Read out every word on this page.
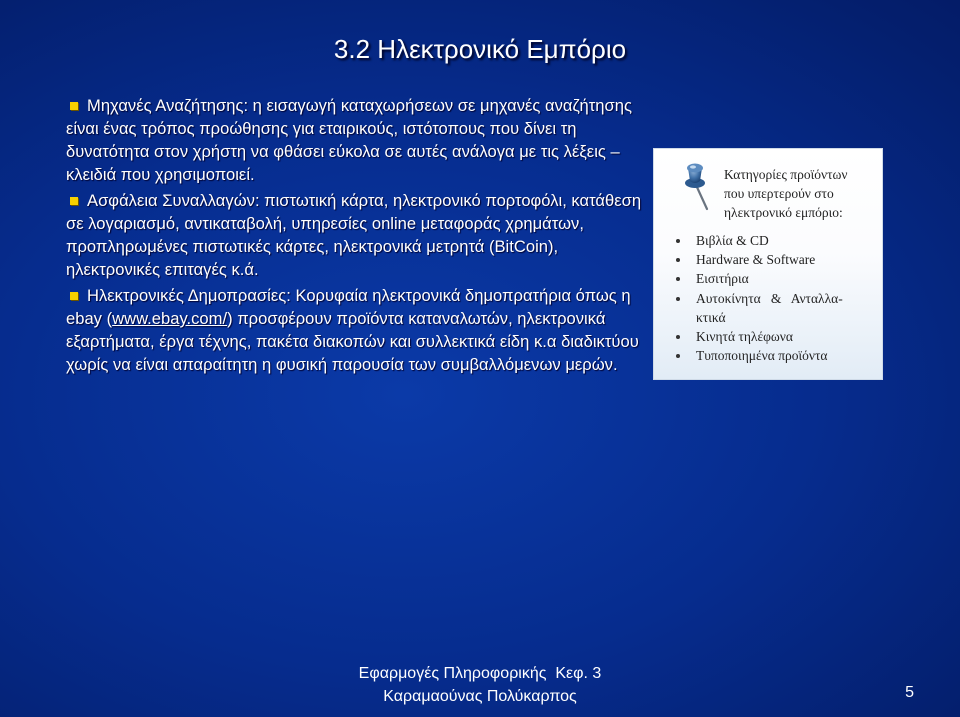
3.2 Ηλεκτρονικό Εμπόριο
Μηχανές Αναζήτησης: η εισαγωγή καταχωρήσεων σε μηχανές αναζήτησης είναι ένας τρόπος προώθησης για εταιρικούς, ιστότοπους που δίνει τη δυνατότητα στον χρήστη να φθάσει εύκολα σε αυτές ανάλογα με τις λέξεις – κλειδιά που χρησιμοποιεί.
Ασφάλεια Συναλλαγών: πιστωτική κάρτα, ηλεκτρονικό πορτοφόλι, κατάθεση σε λογαριασμό, αντικαταβολή, υπηρεσίες online μεταφοράς χρημάτων, προπληρωμένες πιστωτικές κάρτες, ηλεκτρονικά μετρητά (BitCoin), ηλεκτρονικές επιταγές κ.ά.
Ηλεκτρονικές Δημοπρασίες: Κορυφαία ηλεκτρονικά δημοπρατήρια όπως η ebay (www.ebay.com/) προσφέρουν προϊόντα καταναλωτών, ηλεκτρονικά εξαρτήματα, έργα τέχνης, πακέτα διακοπών και συλλεκτικά είδη κ.α διαδικτύου χωρίς να είναι απαραίτητη η φυσική παρουσία των συμβαλλόμενων μερών.
Κατηγορίες προϊόντων
που υπερτερούν στο
ηλεκτρονικό εμπόριο:
Βιβλία & CD
Hardware & Software
Εισιτήρια
Αυτοκίνητα   &   Ανταλλα-
κτικά
Κινητά τηλέφωνα
Τυποποιημένα προϊόντα
Εφαρμογές Πληροφορικής  Κεφ. 3
Καραμαούνας Πολύκαρπος	5
